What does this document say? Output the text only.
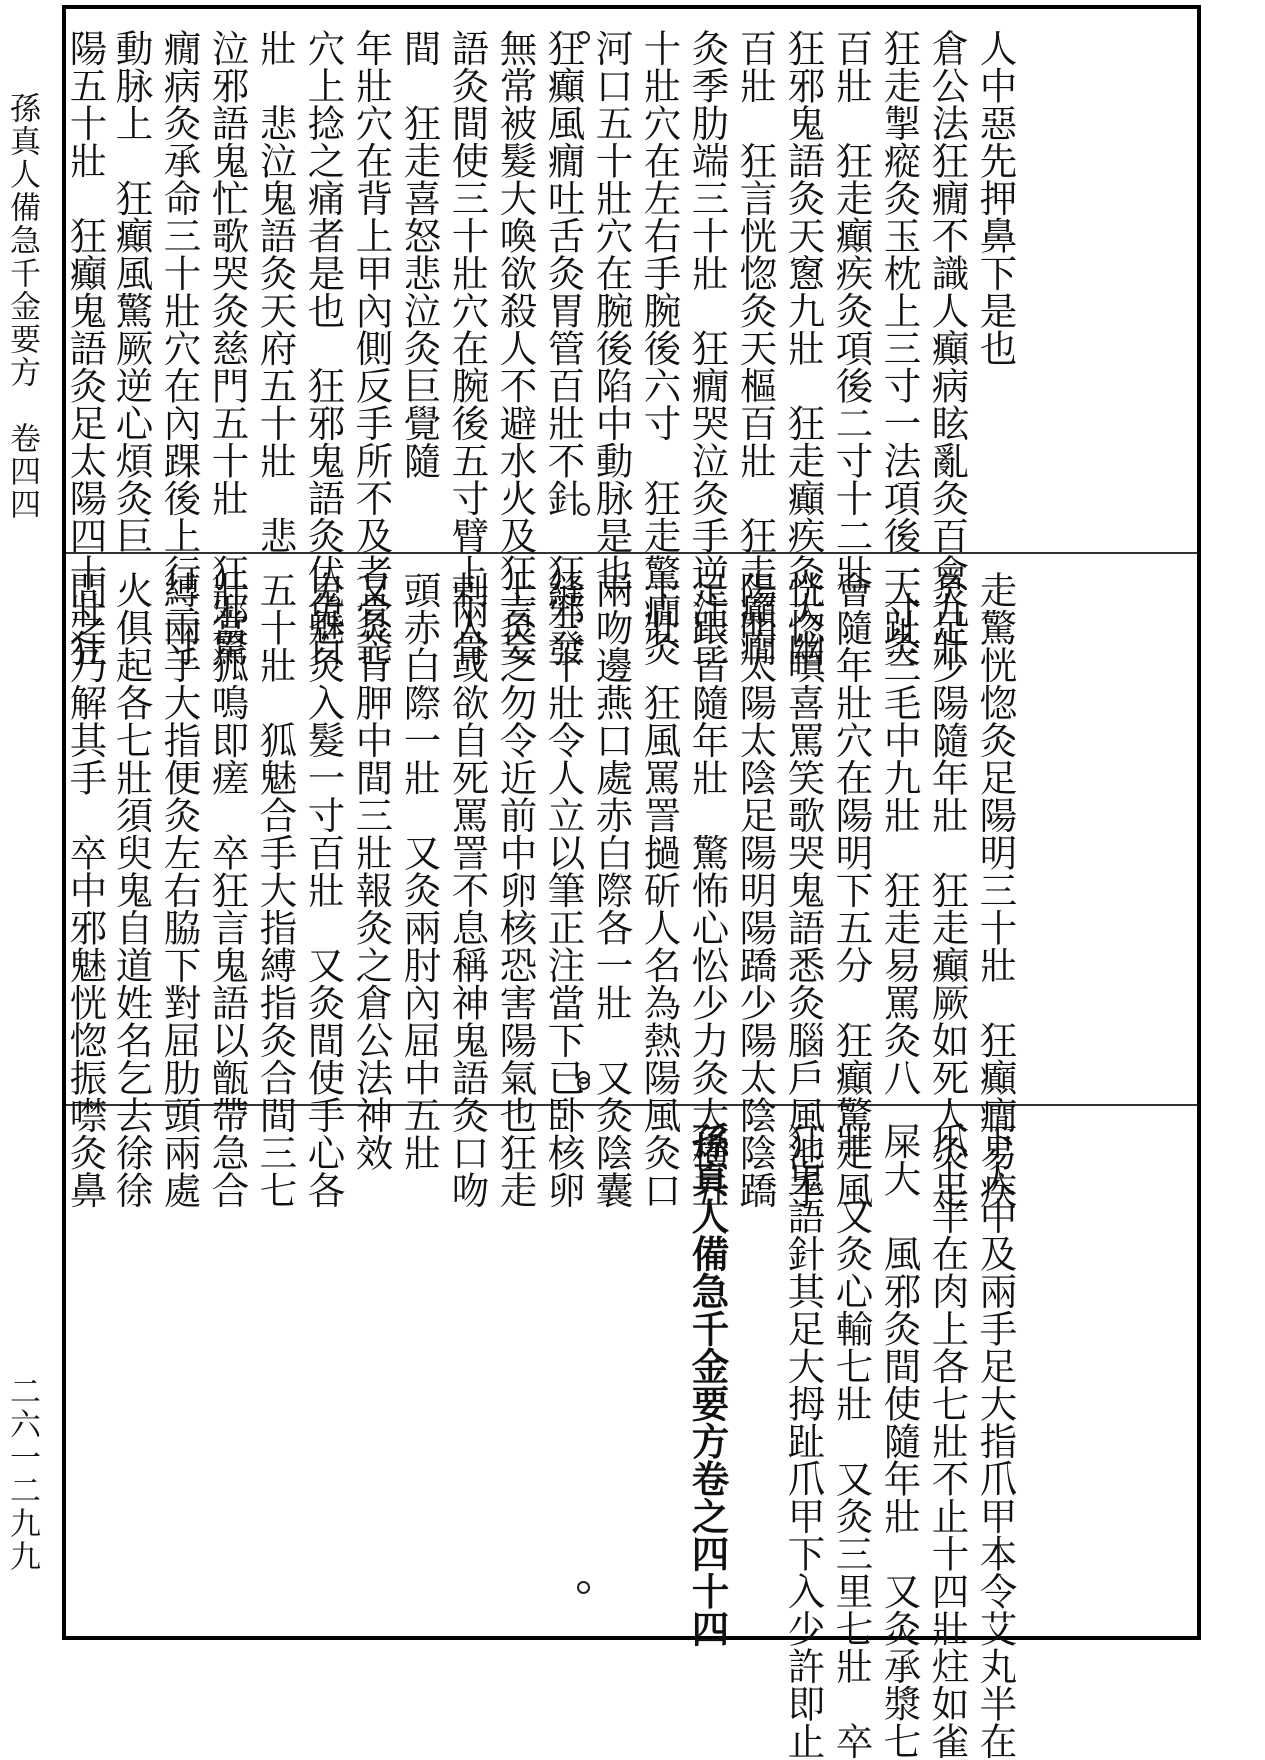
孫真人備急千金要方　卷四四
二六一二九九
人中惡先押鼻下是也
倉公法狂癇不識人癲病眩亂灸百會九壯
狂走掣瘲灸玉枕上三寸一法項後一寸灸
百壯　狂走癲疾灸項後二寸十二壯
狂邪鬼語灸天窻九壯　狂走癲疾灸大幽
百壯　狂言恍惚灸天樞百壯　狂走癲癇
灸季肋端三十壯　狂癇哭泣灸手逆注三
十壯穴在左右手腕後六寸　狂走驚癇灸
河口五十壯穴在腕後陷中動脉是也
狂癲風癇吐舌灸胃管百壯不針　狂邪發
無常被髮大喚欲殺人不避水火及狂言妄
語灸間使三十壯穴在腕後五寸臂上兩骨
間　狂走喜怒悲泣灸巨覺隨
年壯穴在背上甲內側反手所不及者骨芒
穴上捻之痛者是也　狂邪鬼語灸伏兔百
壯　悲泣鬼語灸天府五十壯　悲
泣邪語鬼忙歌哭灸慈門五十壯　狂邪驚
癇病灸承命三十壯穴在內踝後上行三寸
動脉上　狂癲風驚厥逆心煩灸巨
陽五十壯　狂癲鬼語灸足太陽四十壯狂
走驚恍惚灸足陽明三十壯　狂癲癇易疾
灸足少陽隨年壯　狂走癲厥如死人灸足
大趾三毛中九壯　狂走易罵灸八
會隨年壯穴在陽明下五分　狂癲驚走風
恍惚嗔喜罵笑歌哭鬼語悉灸腦戶風池手
陽明太陽太陰足陽明陽蹻少陽太陰陰蹻
足跟皆隨年壯　驚怖心忪少力灸大橫五
十壯　狂風罵詈撾斫人名為熱陽風灸口
兩吻邊燕口處赤白際各一壯　又灸陰囊
縫三十壯令人立以筆正注當下已卧核卵
上灸之勿令近前中卵核恐害陽氣也狂走
剌人或欲自死罵詈不息稱神鬼語灸口吻
頭赤白際一壯　又灸兩肘內屈中五壯
又灸背胛中間三壯報灸之倉公法神效
鬼魅灸入髮一寸百壯　又灸間使手心各
五十壯　狐魅合手大指縛指灸合間三七
壯當狐鳴即瘥　卒狂言鬼語以甑帶急合
縛兩手大指便灸左右脇下對屈肋頭兩處
火俱起各七壯須臾鬼自道姓名乞去徐徐
問之乃解其手　卒中邪魅恍惚振噤灸鼻
下人中及兩手足大指爪甲本令艾丸半在
爪上半在肉上各七壯不止十四壯炷如雀
屎大　風邪灸間使隨年壯　又灸承漿七
壯　又灸心輸七壯　又灸三里七壯　卒
狂鬼語針其足大拇趾爪甲下入少許即止
孫真人備急千金要方卷之四十四
